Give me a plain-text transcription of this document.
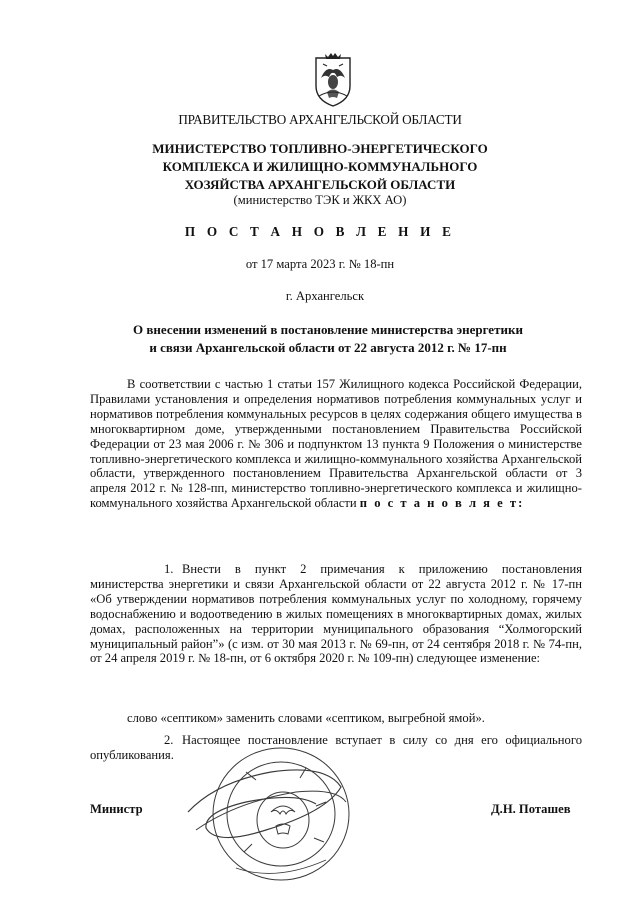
ПРАВИТЕЛЬСТВО АРХАНГЕЛЬСКОЙ ОБЛАСТИ
МИНИСТЕРСТВО ТОПЛИВНО-ЭНЕРГЕТИЧЕСКОГО
КОМПЛЕКСА И ЖИЛИЩНО-КОММУНАЛЬНОГО
ХОЗЯЙСТВА АРХАНГЕЛЬСКОЙ ОБЛАСТИ
(министерство ТЭК и ЖКХ АО)
П О С Т А Н О В Л Е Н И Е
от 17 марта 2023 г. № 18-пн
г. Архангельск
О внесении изменений в постановление министерства энергетики
и связи Архангельской области от 22 августа 2012 г. № 17-пн
В соответствии с частью 1 статьи 157 Жилищного кодекса Российской Федерации, Правилами установления и определения нормативов потребления коммунальных услуг и нормативов потребления коммунальных ресурсов в целях содержания общего имущества в многоквартирном доме, утвержденными постановлением Правительства Российской Федерации от 23 мая 2006 г. № 306 и подпунктом 13 пункта 9 Положения о министерстве топливно-энергетического комплекса и жилищно-коммунального хозяйства Архангельской области, утвержденного постановлением Правительства Архангельской области от 3 апреля 2012 г. № 128-пп, министерство топливно-энергетического комплекса и жилищно-коммунального хозяйства Архангельской области п о с т а н о в л я е т:
1. Внести в пункт 2 примечания к приложению постановления министерства энергетики и связи Архангельской области от 22 августа 2012 г. № 17-пн «Об утверждении нормативов потребления коммунальных услуг по холодному, горячему водоснабжению и водоотведению в жилых помещениях в многоквартирных домах, жилых домах, расположенных на территории муниципального образования “Холмогорский муниципальный район”» (с изм. от 30 мая 2013 г. № 69-пн, от 24 сентября 2018 г. № 74-пн, от 24 апреля 2019 г. № 18-пн, от 6 октября 2020 г. № 109-пн) следующее изменение:
слово «септиком» заменить словами «септиком, выгребной ямой».
2. Настоящее постановление вступает в силу со дня его официального опубликования.
Министр	Д.Н. Поташев
